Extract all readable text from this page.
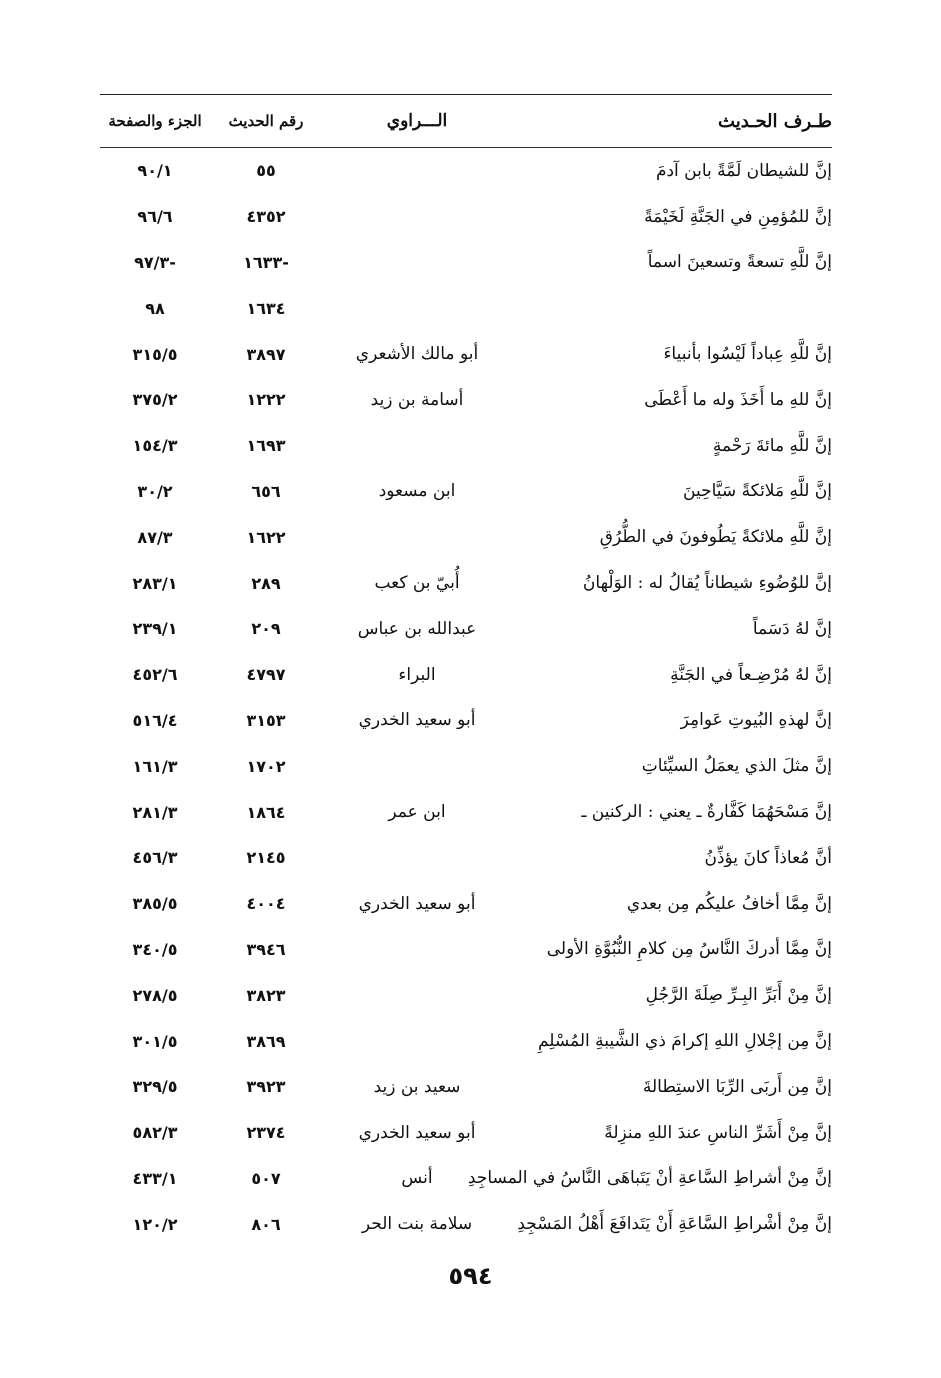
طـرف الحـديث
الـــراوي
رقم الحديث
الجزء والصفحة
إنَّ للشيطان لَمَّةً بابن آدمَ
٥٥
٩٠/١
إنَّ للمُؤمِنِ في الجَنَّةِ لَخَيْمَةً
٤٣٥٢
٩٦/٦
إنَّ للَّهِ تسعةً وتسعينَ اسماً
-١٦٣٣
-٩٧/٣
١٦٣٤
٩٨
إنَّ للَّهِ عِباداً لَيْسُوا بأنبياءَ
أبو مالك الأشعري
٣٨٩٧
٣١٥/٥
إنَّ للهِ ما أَخَذَ وله ما أَعْطَى
أسامة بن زيد
١٢٢٢
٣٧٥/٢
إنَّ للَّهِ مائةَ رَحْمةٍ
١٦٩٣
١٥٤/٣
إنَّ للَّهِ مَلائكةً سَيَّاحِينَ
ابن مسعود
٦٥٦
٣٠/٢
إنَّ للَّهِ ملائكةً يَطُوفونَ في الطُّرُقِ
١٦٢٢
٨٧/٣
إنَّ للوُضُوءِ شيطاناً يُقالُ له : الوَلْهانُ
أُبيّ بن كعب
٢٨٩
٢٨٣/١
إنَّ لهُ دَسَماً
عبدالله بن عباس
٢٠٩
٢٣٩/١
إنَّ لهُ مُرْضِـعاً في الجَنَّةِ
البراء
٤٧٩٧
٤٥٢/٦
إنَّ لهذهِ البُيوتِ عَوامِرَ
أبو سعيد الخدري
٣١٥٣
٥١٦/٤
إنَّ مثلَ الذي يعمَلُ السيِّئاتِ
١٧٠٢
١٦١/٣
إنَّ مَسْحَهُمَا كَفَّارةٌ ـ يعني : الركنين ـ
ابن عمر
١٨٦٤
٢٨١/٣
أنَّ مُعاذاً كانَ يؤذِّنُ
٢١٤٥
٤٥٦/٣
إنَّ مِمَّا أخافُ عليكُم مِن بعدي
أبو سعيد الخدري
٤٠٠٤
٣٨٥/٥
إنَّ مِمَّا أدركَ النَّاسُ مِن كلامِ النُّبُوَّةِ الأولى
٣٩٤٦
٣٤٠/٥
إنَّ مِنْ أَبَرِّ البِـرِّ صِلَةَ الرَّجُلِ
٣٨٢٣
٢٧٨/٥
إنَّ مِن إجْلالِ اللهِ إكرامَ ذي الشَّيبةِ المُسْلِمِ
٣٨٦٩
٣٠١/٥
إنَّ مِن أَربَى الرِّبَا الاستِطالةَ
سعيد بن زيد
٣٩٢٣
٣٢٩/٥
إنَّ مِنْ أَشَرِّ الناسِ عندَ اللهِ منزِلةً
أبو سعيد الخدري
٢٣٧٤
٥٨٢/٣
إنَّ مِنْ أشراطِ السَّاعةِ أنْ يَتَباهَى النَّاسُ في المساجِدِ
أنس
٥٠٧
٤٣٣/١
إنَّ مِنْ أشْراطِ السَّاعَةِ أَنْ يَتَدافَعَ أَهْلُ المَسْجِدِ
سلامة بنت الحر
٨٠٦
١٢٠/٢
٥٩٤
